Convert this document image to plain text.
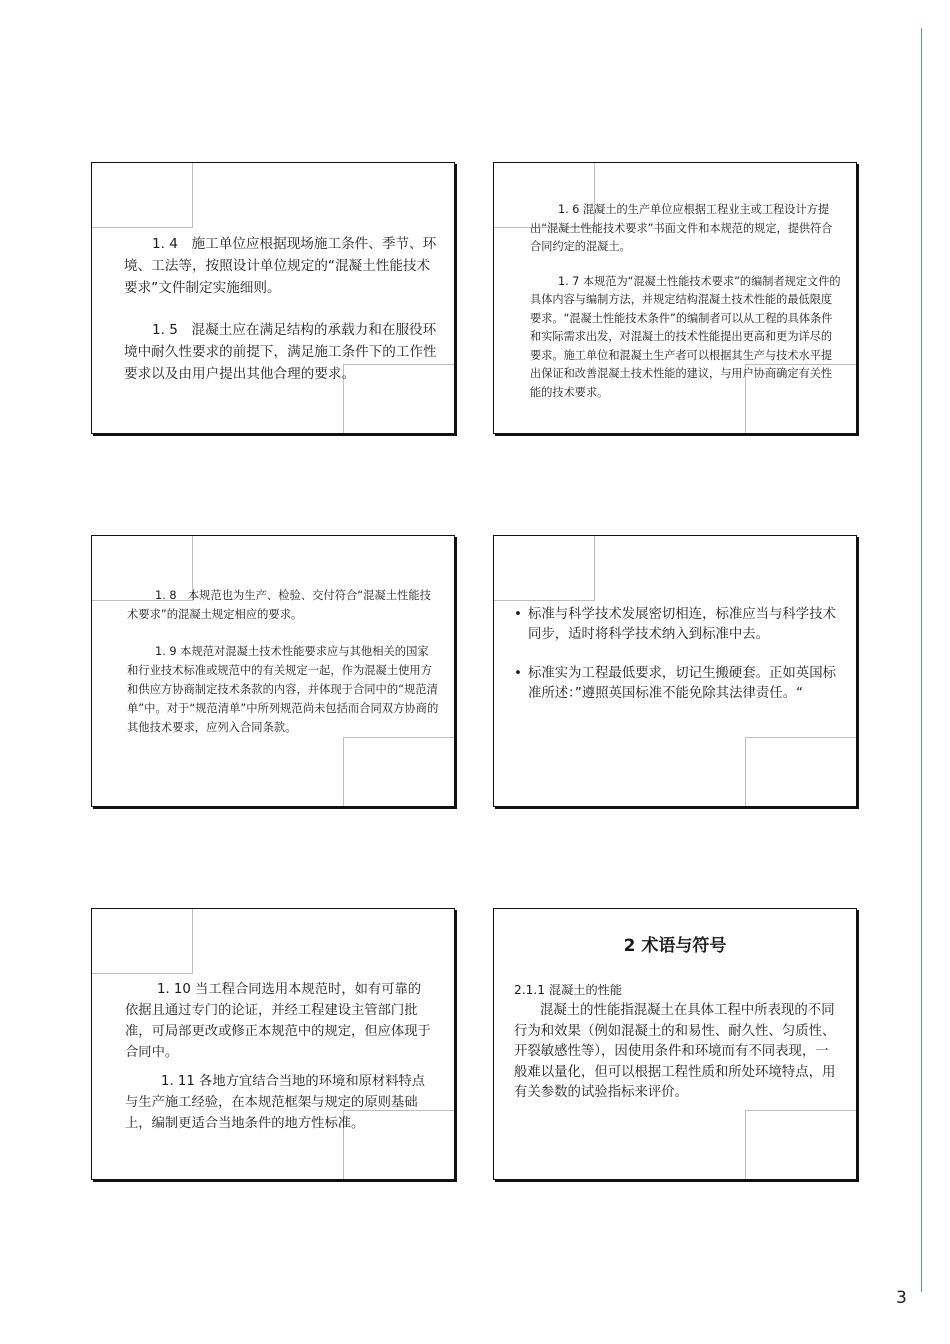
1. 4　施工单位应根据现场施工条件、季节、环境、工法等，按照设计单位规定的“混凝土性能技术要求”文件制定实施细则。

1. 5　混凝土应在满足结构的承载力和在服役环境中耐久性要求的前提下，满足施工条件下的工作性要求以及由用户提出其他合理的要求。

1. 6 混凝土的生产单位应根据工程业主或工程设计方提出“混凝土性能技术要求”书面文件和本规范的规定，提供符合合同约定的混凝土。

1. 7 本规范为“混凝土性能技术要求”的编制者规定文件的具体内容与编制方法，并规定结构混凝土技术性能的最低限度要求。“混凝土性能技术条件”的编制者可以从工程的具体条件和实际需求出发，对混凝土的技术性能提出更高和更为详尽的要求。施工单位和混凝土生产者可以根据其生产与技术水平提出保证和改善混凝土技术性能的建议，与用户协商确定有关性能的技术要求。

1. 8　本规范也为生产、检验、交付符合“混凝土性能技术要求”的混凝土规定相应的要求。

1. 9 本规范对混凝土技术性能要求应与其他相关的国家和行业技术标准或规范中的有关规定一起，作为混凝土使用方和供应方协商制定技术条款的内容，并体现于合同中的“规范清单”中。对于“规范清单”中所列规范尚未包括而合同双方协商的其他技术要求，应列入合同条款。

• 标准与科学技术发展密切相连，标准应当与科学技术同步，适时将科学技术纳入到标准中去。
• 标准实为工程最低要求，切记生搬硬套。正如英国标准所述：”遵照英国标准不能免除其法律责任。“

1. 10 当工程合同选用本规范时，如有可靠的依据且通过专门的论证，并经工程建设主管部门批准，可局部更改或修正本规范中的规定，但应体现于合同中。

1. 11 各地方宜结合当地的环境和原材料特点与生产施工经验，在本规范框架与规定的原则基础上，编制更适合当地条件的地方性标准。

2 术语与符号
2.1.1 混凝土的性能

混凝土的性能指混凝土在具体工程中所表现的不同行为和效果（例如混凝土的和易性、耐久性、匀质性、开裂敏感性等），因使用条件和环境而有不同表现，一般难以量化，但可以根据工程性质和所处环境特点，用有关参数的试验指标来评价。

3
